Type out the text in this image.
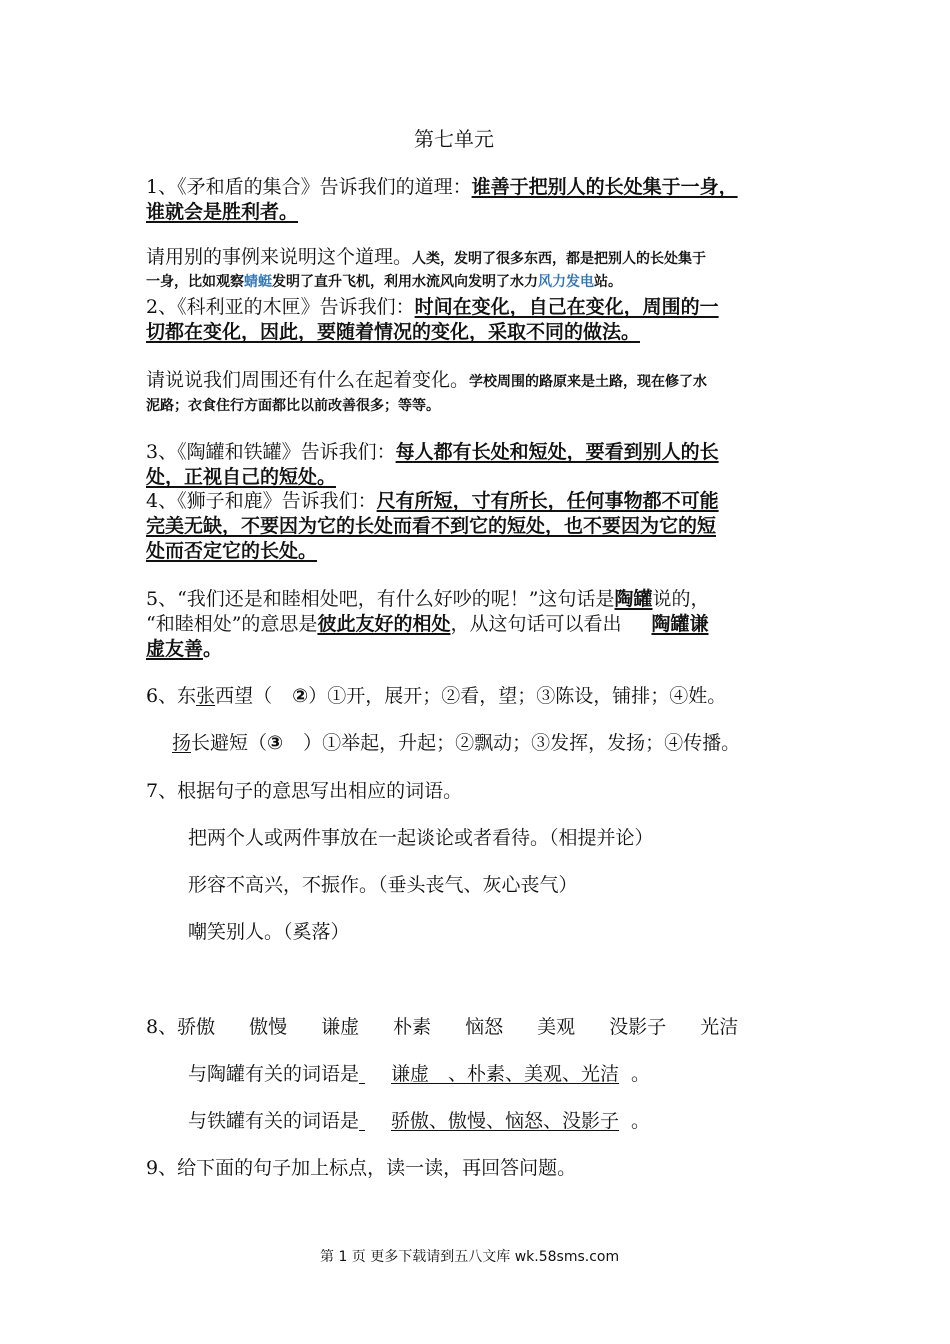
第七单元
1、《矛和盾的集合》告诉我们的道理：谁善于把别人的长处集于一身，
谁就会是胜利者。
请用别的事例来说明这个道理。人类，发明了很多东西，都是把别人的长处集于
一身，比如观察蜻蜓发明了直升飞机，利用水流风向发明了水力风力发电站。
2、《科利亚的木匣》告诉我们：时间在变化，自己在变化，周围的一
切都在变化，因此，要随着情况的变化，采取不同的做法。
请说说我们周围还有什么在起着变化。学校周围的路原来是土路，现在修了水
泥路；衣食住行方面都比以前改善很多；等等。
3、《陶罐和铁罐》告诉我们：每人都有长处和短处，要看到别人的长
处，正视自己的短处。
4、《狮子和鹿》告诉我们：尺有所短，寸有所长，任何事物都不可能
完美无缺，不要因为它的长处而看不到它的短处，也不要因为它的短
处而否定它的长处。
5、“我们还是和睦相处吧，有什么好吵的呢！”这句话是陶罐说的，
“和睦相处”的意思是彼此友好的相处，从这句话可以看出 陶罐谦
虚友善。
6、东张西望（ ②）①开，展开；②看，望；③陈设，铺排；④姓。
扬长避短（③ ）①举起，升起；②飘动；③发挥，发扬；④传播。
7、根据句子的意思写出相应的词语。
把两个人或两件事放在一起谈论或者看待。（相提并论）
形容不高兴，不振作。（垂头丧气、灰心丧气）
嘲笑别人。（奚落）
8、骄傲 傲慢 谦虚 朴素 恼怒 美观 没影子 光洁
与陶罐有关的词语是 谦虚　、朴素、美观、光洁 。
与铁罐有关的词语是 骄傲、傲慢、恼怒、没影子 。
9、给下面的句子加上标点，读一读，再回答问题。
第 1 页 更多下载请到五八文库 wk.58sms.com
